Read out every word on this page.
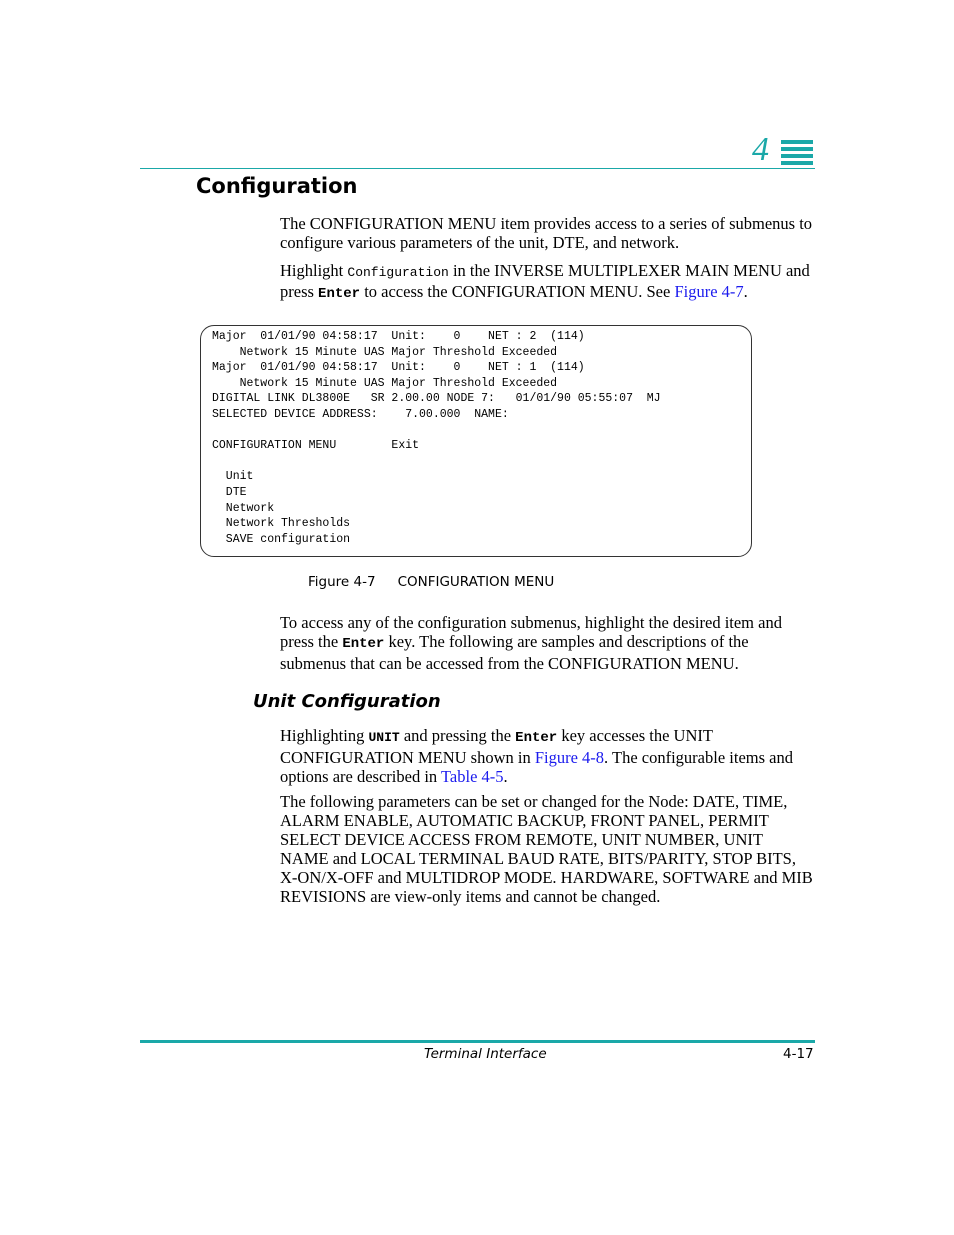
4
Configuration
The CONFIGURATION MENU item provides access to a series of submenus to configure various parameters of the unit, DTE, and network.
Highlight Configuration in the INVERSE MULTIPLEXER MAIN MENU and press Enter to access the CONFIGURATION MENU. See Figure 4-7.
Major  01/01/90 04:58:17  Unit:    0    NET : 2  (114)
Network 15 Minute UAS Major Threshold Exceeded
Major  01/01/90 04:58:17  Unit:    0    NET : 1  (114)
Network 15 Minute UAS Major Threshold Exceeded
DIGITAL LINK DL3800E   SR 2.00.00 NODE 7:   01/01/90 05:55:07  MJ
SELECTED DEVICE ADDRESS:    7.00.000  NAME:

CONFIGURATION MENU        Exit

Unit
DTE
Network
Network Thresholds
SAVE configuration
Figure 4-7 CONFIGURATION MENU
To access any of the configuration submenus, highlight the desired item and press the Enter key. The following are samples and descriptions of the submenus that can be accessed from the CONFIGURATION MENU.
Unit Configuration
Highlighting UNIT and pressing the Enter key accesses the UNIT CONFIGURATION MENU shown in Figure 4-8. The configurable items and options are described in Table 4-5.
The following parameters can be set or changed for the Node: DATE, TIME, ALARM ENABLE, AUTOMATIC BACKUP, FRONT PANEL, PERMIT SELECT DEVICE ACCESS FROM REMOTE, UNIT NUMBER, UNIT NAME and LOCAL TERMINAL BAUD RATE, BITS/PARITY, STOP BITS, X-ON/X-OFF and MULTIDROP MODE. HARDWARE, SOFTWARE and MIB REVISIONS are view-only items and cannot be changed.
Terminal Interface	4-17
